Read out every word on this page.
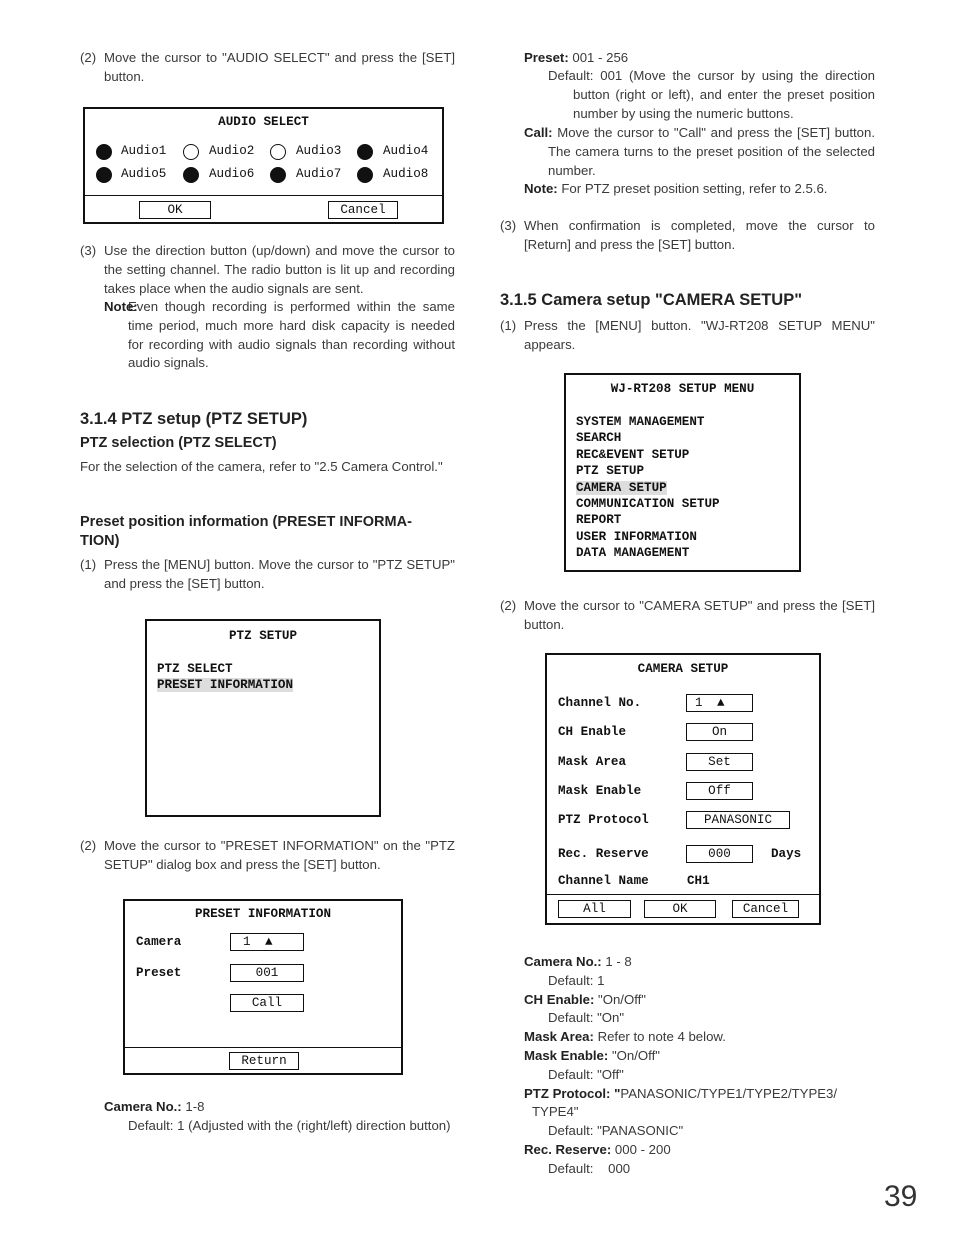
(2) Move the cursor to "AUDIO SELECT" and press the [SET] button.
AUDIO SELECT
Audio1	Audio2	Audio3	Audio4
Audio5	Audio6	Audio7	Audio8
OK	Cancel
(3) Use the direction button (up/down) and move the cursor to the setting channel. The radio button is lit up and recording takes place when the audio signals are sent.
Note:
Even though recording is performed within the same time period, much more hard disk capacity is needed for recording with audio signals than recording without audio signals.
3.1.4 PTZ setup (PTZ SETUP)
PTZ selection (PTZ SELECT)
For the selection of the camera, refer to "2.5 Camera Control."
Preset position information (PRESET INFORMA-
TION)
(1) Press the [MENU] button. Move the cursor to "PTZ SETUP" and press the [SET] button.
PTZ SETUP
PTZ SELECT
PRESET INFORMATION
(2) Move the cursor to "PRESET INFORMATION" on the "PTZ SETUP" dialog box and press the [SET] button.
PRESET INFORMATION
Camera	1 ▲
Preset	001
Call
Return
Camera No.: 1-8
Default: 1 (Adjusted with the (right/left) direction button)
Preset: 001 - 256
Default: 001 (Move the cursor by using the direction button (right or left), and enter the preset position number by using the numeric buttons.
Call: Move the cursor to "Call" and press the [SET] button. The camera turns to the preset position of the selected number.
Note: For PTZ preset position setting, refer to 2.5.6.
(3) When confirmation is completed, move the cursor to [Return] and press the [SET] button.
3.1.5 Camera setup "CAMERA SETUP"
(1) Press the [MENU] button. "WJ-RT208 SETUP MENU" appears.
WJ-RT208 SETUP MENU
SYSTEM MANAGEMENT
SEARCH
REC&EVENT SETUP
PTZ SETUP
CAMERA SETUP
COMMUNICATION SETUP
REPORT
USER INFORMATION
DATA MANAGEMENT
(2) Move the cursor to "CAMERA SETUP" and press the [SET] button.
CAMERA SETUP
Channel No.	1 ▲
CH Enable	On
Mask Area	Set
Mask Enable	Off
PTZ Protocol	PANASONIC
Rec. Reserve	000	Days
Channel Name	CH1
All	OK	Cancel
Camera No.: 1 - 8
Default: 1
CH Enable: "On/Off"
Default: "On"
Mask Area: Refer to note 4 below.
Mask Enable: "On/Off"
Default: "Off"
PTZ Protocol: "PANASONIC/TYPE1/TYPE2/TYPE3/
TYPE4"
Default: "PANASONIC"
Rec. Reserve: 000 - 200
Default:    000
39
